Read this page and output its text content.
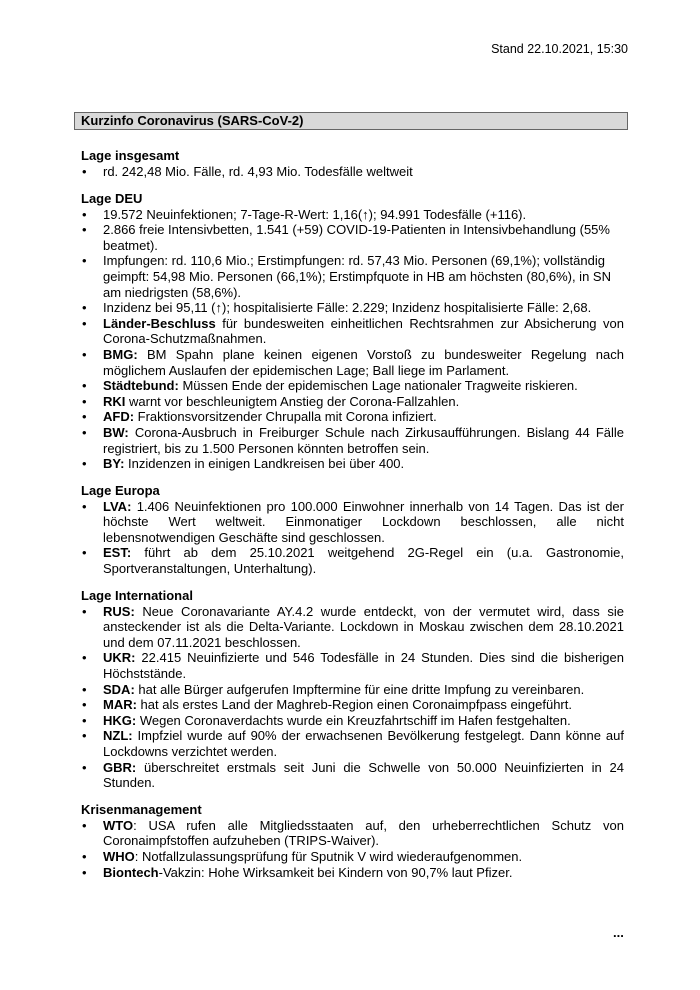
Stand 22.10.2021, 15:30
Kurzinfo Coronavirus (SARS-CoV-2)
Lage insgesamt
• rd. 242,48 Mio. Fälle, rd. 4,93 Mio. Todesfälle weltweit
Lage DEU
• 19.572 Neuinfektionen; 7-Tage-R-Wert: 1,16(↑); 94.991 Todesfälle (+116).
• 2.866 freie Intensivbetten, 1.541 (+59) COVID-19-Patienten in Intensivbehandlung (55% beatmet).
• Impfungen: rd. 110,6 Mio.; Erstimpfungen: rd. 57,43 Mio. Personen (69,1%); vollständig geimpft: 54,98 Mio. Personen (66,1%); Erstimpfquote in HB am höchsten (80,6%), in SN am niedrigsten (58,6%).
• Inzidenz bei 95,11 (↑); hospitalisierte Fälle: 2.229; Inzidenz hospitalisierte Fälle: 2,68.
• Länder-Beschluss für bundesweiten einheitlichen Rechtsrahmen zur Absicherung von Corona-Schutzmaßnahmen.
• BMG: BM Spahn plane keinen eigenen Vorstoß zu bundesweiter Regelung nach möglichem Auslaufen der epidemischen Lage; Ball liege im Parlament.
• Städtebund: Müssen Ende der epidemischen Lage nationaler Tragweite riskieren.
• RKI warnt vor beschleunigtem Anstieg der Corona-Fallzahlen.
• AFD: Fraktionsvorsitzender Chrupalla mit Corona infiziert.
• BW: Corona-Ausbruch in Freiburger Schule nach Zirkusaufführungen. Bislang 44 Fälle registriert, bis zu 1.500 Personen könnten betroffen sein.
• BY: Inzidenzen in einigen Landkreisen bei über 400.
Lage Europa
• LVA: 1.406 Neuinfektionen pro 100.000 Einwohner innerhalb von 14 Tagen. Das ist der höchste Wert weltweit. Einmonatiger Lockdown beschlossen, alle nicht lebensnotwendigen Geschäfte sind geschlossen.
• EST: führt ab dem 25.10.2021 weitgehend 2G-Regel ein (u.a. Gastronomie, Sportveranstaltungen, Unterhaltung).
Lage International
• RUS: Neue Coronavariante AY.4.2 wurde entdeckt, von der vermutet wird, dass sie ansteckender ist als die Delta-Variante. Lockdown in Moskau zwischen dem 28.10.2021 und dem 07.11.2021 beschlossen.
• UKR: 22.415 Neuinfizierte und 546 Todesfälle in 24 Stunden. Dies sind die bisherigen Höchststände.
• SDA: hat alle Bürger aufgerufen Impftermine für eine dritte Impfung zu vereinbaren.
• MAR: hat als erstes Land der Maghreb-Region einen Coronaimpfpass eingeführt.
• HKG: Wegen Coronaverdachts wurde ein Kreuzfahrtschiff im Hafen festgehalten.
• NZL: Impfziel wurde auf 90% der erwachsenen Bevölkerung festgelegt. Dann könne auf Lockdowns verzichtet werden.
• GBR: überschreitet erstmals seit Juni die Schwelle von 50.000 Neuinfizierten in 24 Stunden.
Krisenmanagement
• WTO: USA rufen alle Mitgliedsstaaten auf, den urheberrechtlichen Schutz von Coronaimpfstoffen aufzuheben (TRIPS-Waiver).
• WHO: Notfallzulassungsprüfung für Sputnik V wird wiederaufgenommen.
• Biontech-Vakzin: Hohe Wirksamkeit bei Kindern von 90,7% laut Pfizer.
...
